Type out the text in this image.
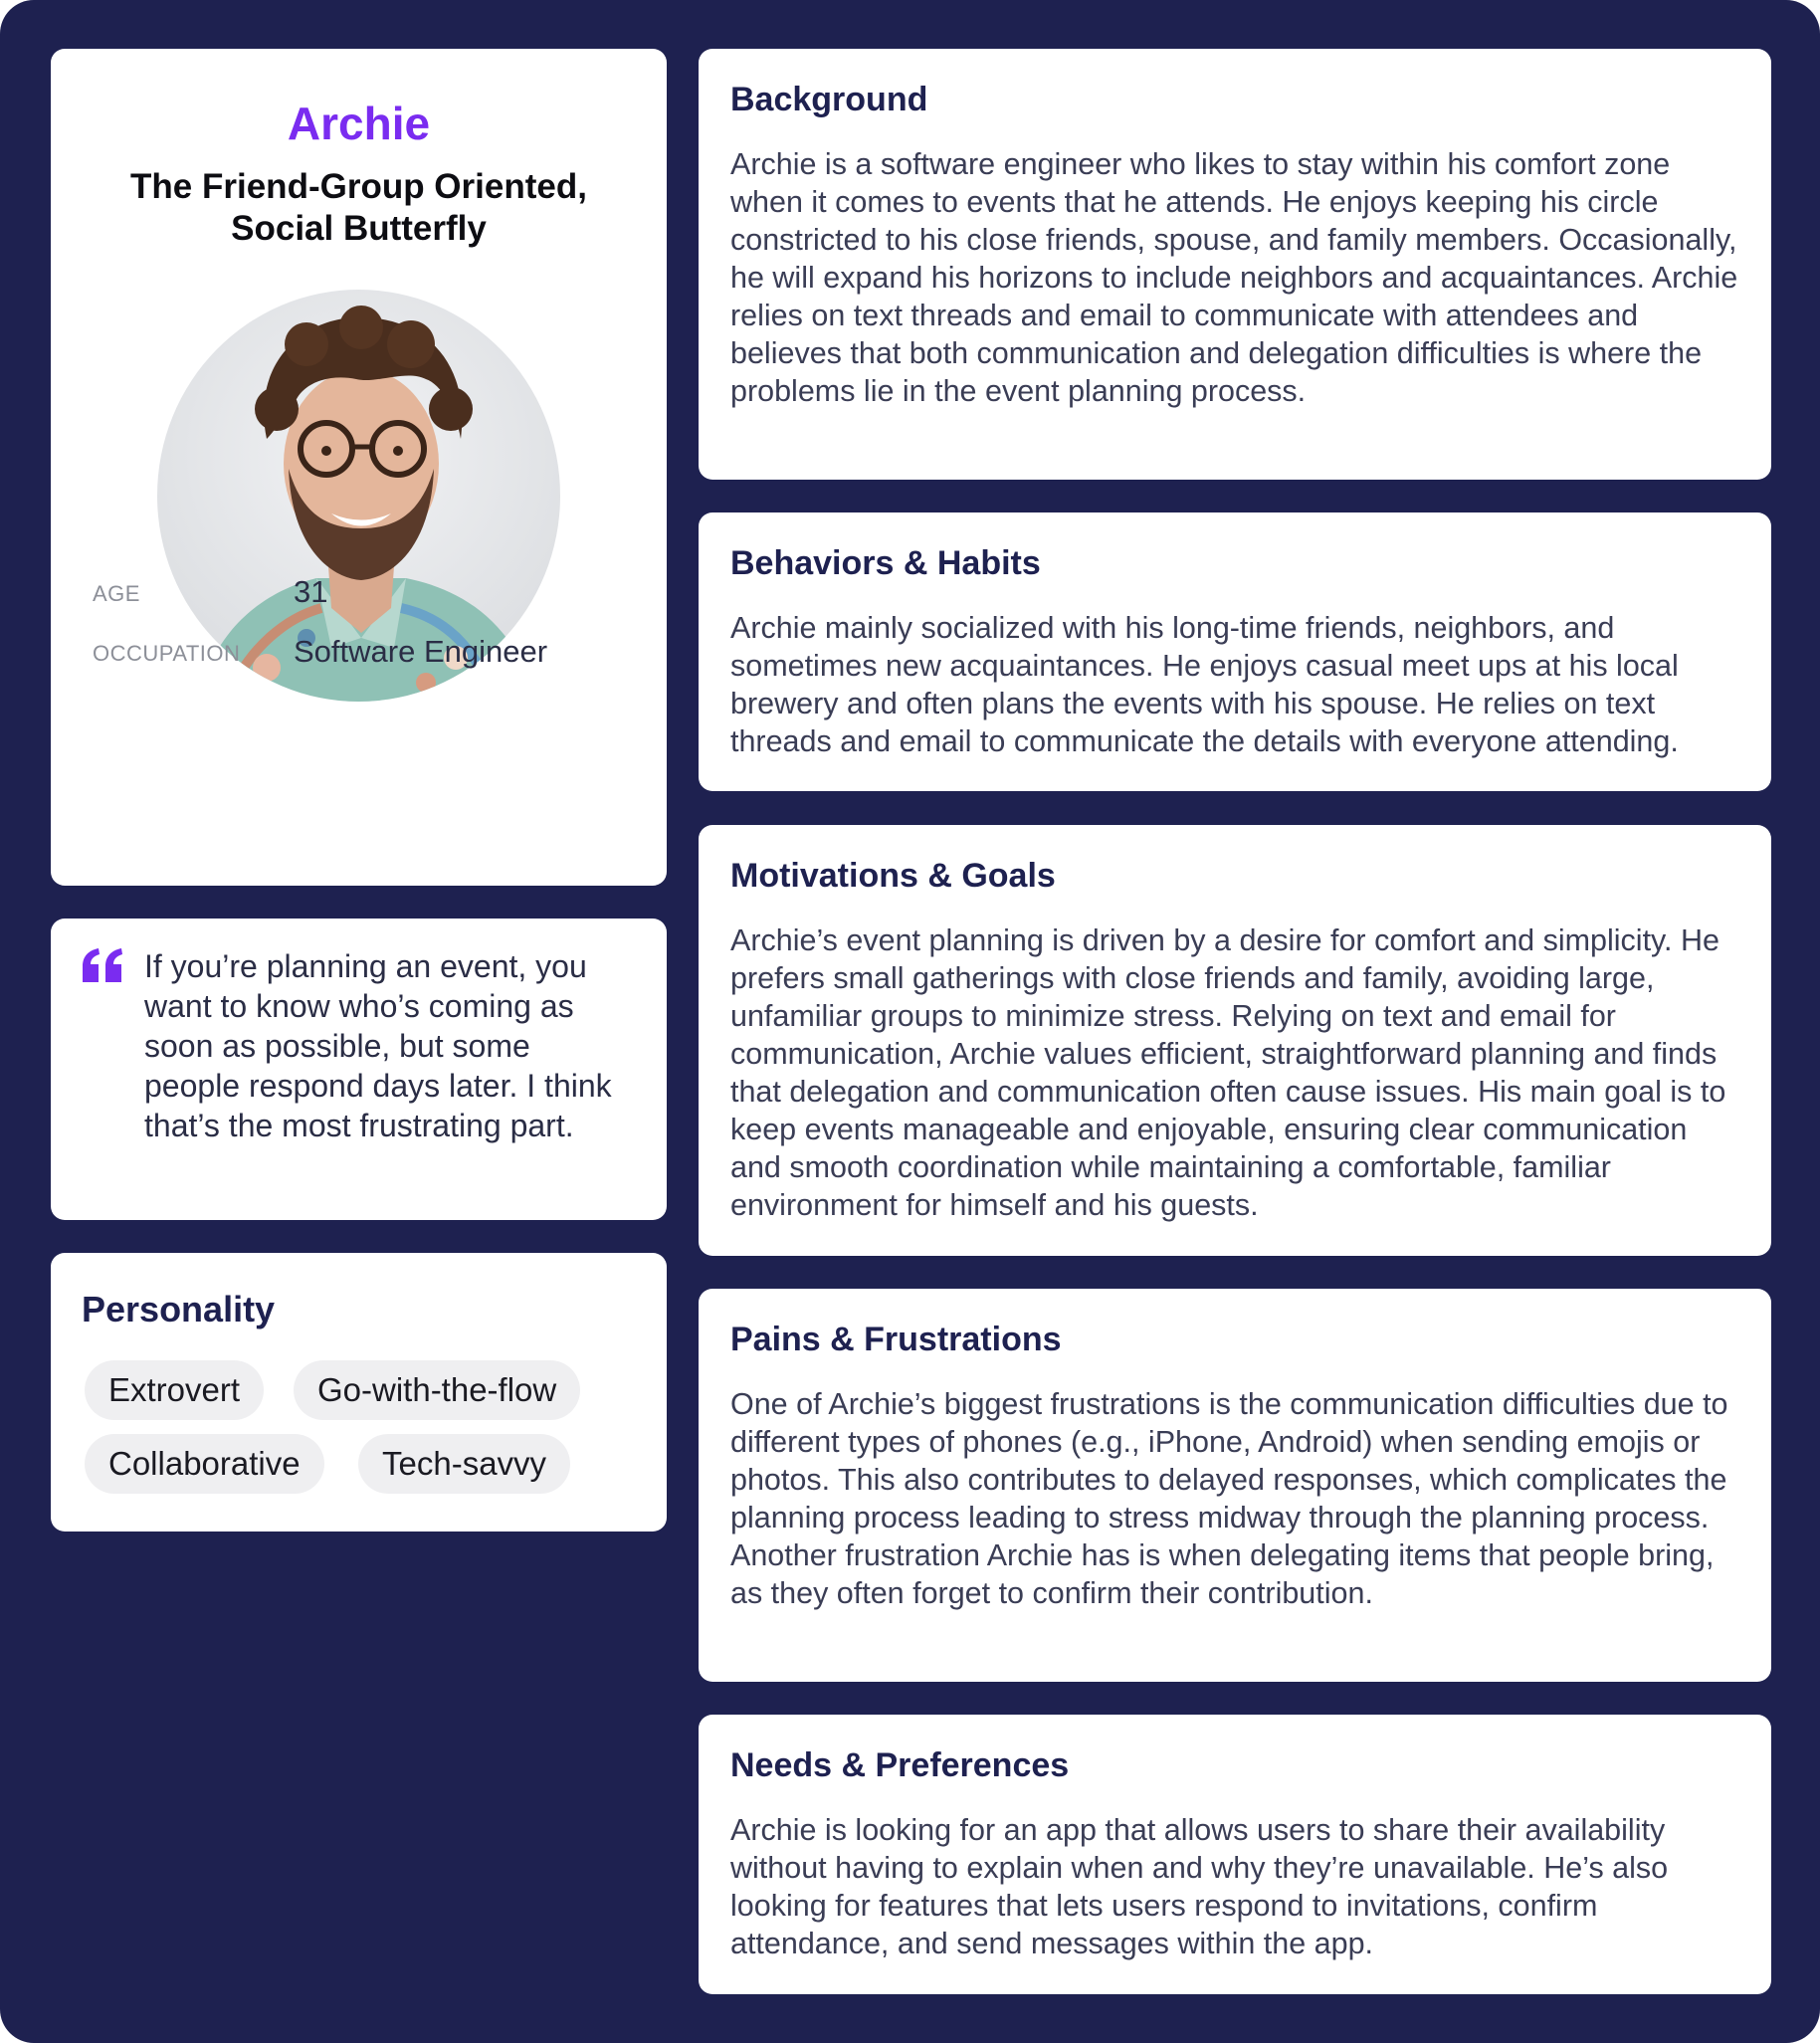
Archie
The Friend-Group Oriented, Social Butterfly
AGE	31
OCCUPATION Software Engineer
If you’re planning an event, you want to know who’s coming as soon as possible, but some people respond days later. I think that’s the most frustrating part.
Personality
Extrovert	Go-with-the-flow
Collaborative	Tech-savvy
Background

Archie is a software engineer who likes to stay within his comfort zone when it comes to events that he attends. He enjoys keeping his circle constricted to his close friends, spouse, and family members. Occasionally, he will expand his horizons to include neighbors and acquaintances. Archie relies on text threads and email to communicate with attendees and believes that both communication and delegation difficulties is where the problems lie in the event planning process.

Behaviors & Habits

Archie mainly socialized with his long-time friends, neighbors, and sometimes new acquaintances. He enjoys casual meet ups at his local brewery and often plans the events with his spouse. He relies on text threads and email to communicate the details with everyone attending.

Motivations & Goals

Archie’s event planning is driven by a desire for comfort and simplicity. He prefers small gatherings with close friends and family, avoiding large, unfamiliar groups to minimize stress. Relying on text and email for communication, Archie values efficient, straightforward planning and finds that delegation and communication often cause issues. His main goal is to keep events manageable and enjoyable, ensuring clear communication and smooth coordination while maintaining a comfortable, familiar environment for himself and his guests.

Pains & Frustrations

One of Archie’s biggest frustrations is the communication difficulties due to different types of phones (e.g., iPhone, Android) when sending emojis or photos. This also contributes to delayed responses, which complicates the planning process leading to stress midway through the planning process. Another frustration Archie has is when delegating items that people bring, as they often forget to confirm their contribution.

Needs & Preferences

Archie is looking for an app that allows users to share their availability without having to explain when and why they’re unavailable. He’s also looking for features that lets users respond to invitations, confirm attendance, and send messages within the app.
